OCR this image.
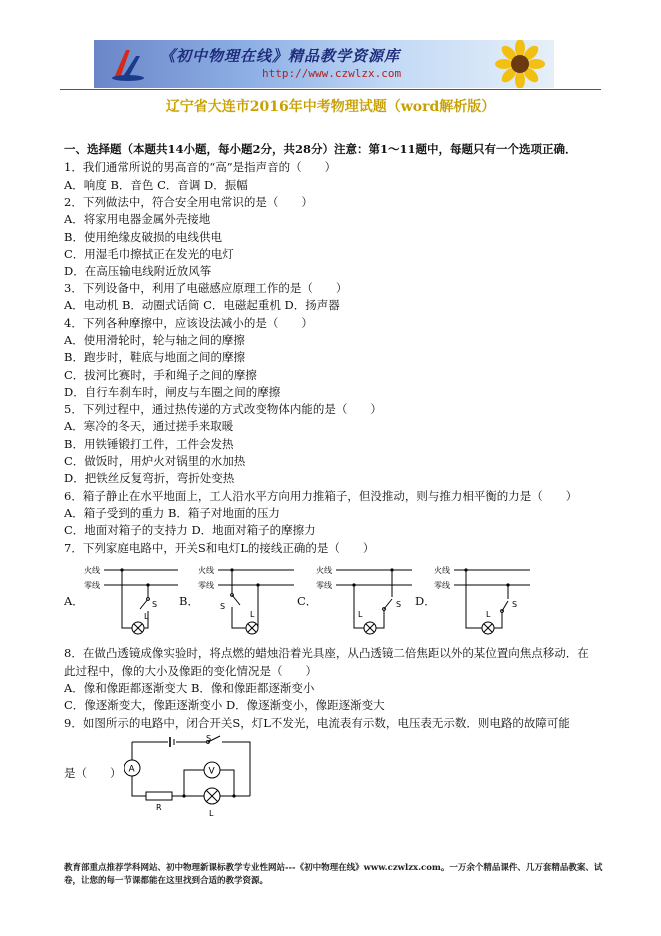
《初中物理在线》精品教学资源库
http://www.czwlzx.com
辽宁省大连市2016年中考物理试题（word解析版）
一、选择题（本题共14小题，每小题2分，共28分）注意：第1～11题中，每题只有一个选项正确．
1．我们通常所说的男高音的“高”是指声音的（　　）
A．响度 B．音色 C．音调 D．振幅
2．下列做法中，符合安全用电常识的是（　　）
A．将家用电器金属外壳接地
B．使用绝缘皮破损的电线供电
C．用湿毛巾擦拭正在发光的电灯
D．在高压输电线附近放风筝
3．下列设备中，利用了电磁感应原理工作的是（　　）
A．电动机 B．动圈式话筒 C．电磁起重机 D．扬声器
4．下列各种摩擦中，应该设法减小的是（　　）
A．使用滑轮时，轮与轴之间的摩擦
B．跑步时，鞋底与地面之间的摩擦
C．拔河比赛时，手和绳子之间的摩擦
D．自行车刹车时，闸皮与车圈之间的摩擦
5．下列过程中，通过热传递的方式改变物体内能的是（　　）
A．寒冷的冬天，通过搓手来取暖
B．用铁锤锻打工件，工件会发热
C．做饭时，用炉火对锅里的水加热
D．把铁丝反复弯折，弯折处变热
6．箱子静止在水平地面上，工人沿水平方向用力推箱子，但没推动，则与推力相平衡的力是（　　）
A．箱子受到的重力 B．箱子对地面的压力
C．地面对箱子的支持力 D．地面对箱子的摩擦力
7．下列家庭电路中，开关S和电灯L的接线正确的是（　　）
A．	B．	C．	D．
火线
零线
S
L
火线
零线
S
L
火线
零线
L
S
火线
零线
L
S
8．在做凸透镜成像实验时，将点燃的蜡烛沿着光具座，从凸透镜二倍焦距以外的某位置向焦点移动．在
此过程中，像的大小及像距的变化情况是（　　）
A．像和像距都逐渐变大 B．像和像距都逐渐变小
C．像逐渐变大，像距逐渐变小 D．像逐渐变小，像距逐渐变大
9．如图所示的电路中，闭合开关S，灯L不发光，电流表有示数，电压表无示数．则电路的故障可能
是（　　）
S
A
R
L
V
教育部重点推荐学科网站、初中物理新课标教学专业性网站---《初中物理在线》www.czwlzx.com。一万余个精品课件、几万套精品教案、试卷，让您的每一节课都能在这里找到合适的教学资源。
